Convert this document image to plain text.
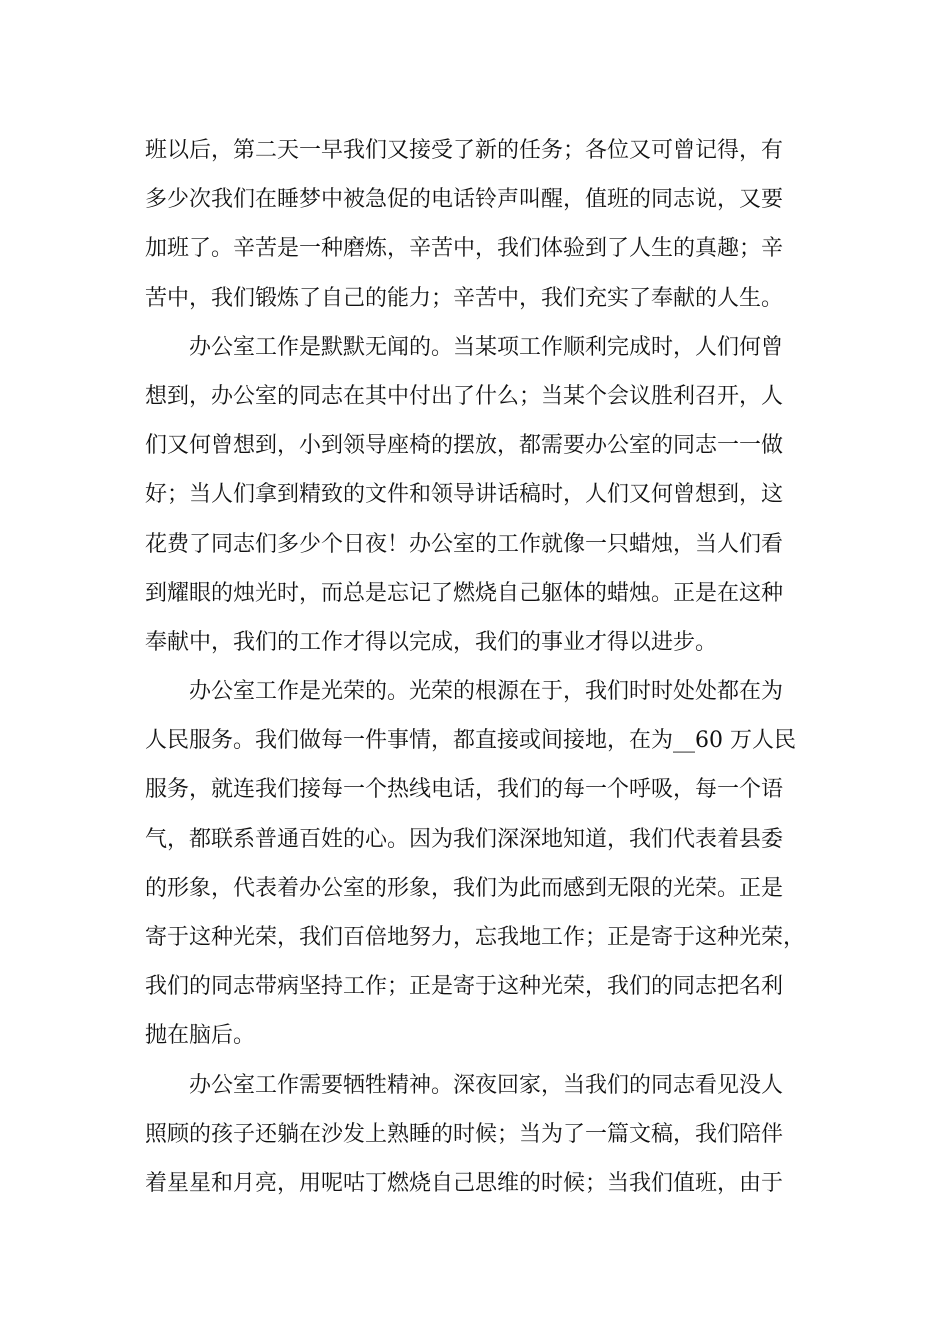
班以后，第二天一早我们又接受了新的任务；各位又可曾记得，有
多少次我们在睡梦中被急促的电话铃声叫醒，值班的同志说，又要
加班了。辛苦是一种磨炼，辛苦中，我们体验到了人生的真趣；辛
苦中，我们锻炼了自己的能力；辛苦中，我们充实了奉献的人生。
办公室工作是默默无闻的。当某项工作顺利完成时，人们何曾
想到，办公室的同志在其中付出了什么；当某个会议胜利召开，人
们又何曾想到，小到领导座椅的摆放，都需要办公室的同志一一做
好；当人们拿到精致的文件和领导讲话稿时，人们又何曾想到，这
花费了同志们多少个日夜！办公室的工作就像一只蜡烛，当人们看
到耀眼的烛光时，而总是忘记了燃烧自己躯体的蜡烛。正是在这种
奉献中，我们的工作才得以完成，我们的事业才得以进步。
办公室工作是光荣的。光荣的根源在于，我们时时处处都在为
人民服务。我们做每一件事情，都直接或间接地，在为__60 万人民
服务，就连我们接每一个热线电话，我们的每一个呼吸，每一个语
气，都联系普通百姓的心。因为我们深深地知道，我们代表着县委
的形象，代表着办公室的形象，我们为此而感到无限的光荣。正是
寄于这种光荣，我们百倍地努力，忘我地工作；正是寄于这种光荣，
我们的同志带病坚持工作；正是寄于这种光荣，我们的同志把名利
抛在脑后。
办公室工作需要牺牲精神。深夜回家，当我们的同志看见没人
照顾的孩子还躺在沙发上熟睡的时候；当为了一篇文稿，我们陪伴
着星星和月亮，用呢咕丁燃烧自己思维的时候；当我们值班，由于
